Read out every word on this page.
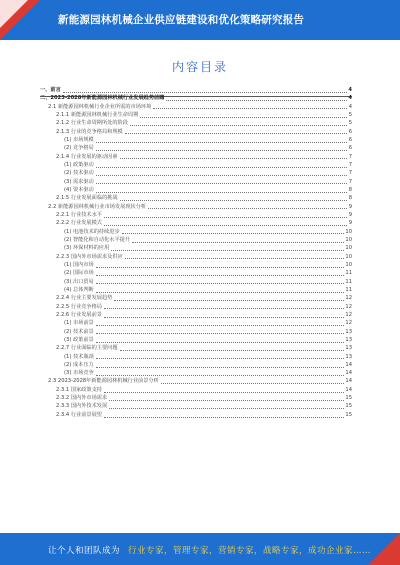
新能源园林机械企业供应链建设和优化策略研究报告
内容目录
一、前言	4
二、2023-2028年新能源园林机械行业发展趋势前瞻	4
2.1 新能源园林机械行业企业所需的市场环境	4
2.1.1 新能源园林机械行业生命周期	5
2.1.2 行业生命周期所处的阶段	5
2.1.3 行业的竞争格局和规模	6
(1) 市场规模	6
(2) 竞争格局	6
2.1.4 行业发展的驱动因素	7
(1) 政策驱动	7
(2) 技术驱动	7
(3) 需求驱动	7
(4) 资本驱动	8
2.1.5 行业发展面临的挑战	8
2.2 新能源园林机械行业市场发展现状分析	9
2.2.1 行业技术水平	9
2.2.2 行业发展模式	9
(1) 电池技术的持续进步	10
(2) 智能化和自动化水平提升	10
(3) 环保材料的应用	10
2.2.3 国内外市场需求及供应	10
(1) 国内市场	10
(2) 国际市场	11
(3) 出口贸易	11
(4) 总体判断	11
2.2.4 行业主要发展趋势	12
2.2.5 行业竞争格局	12
2.2.6 行业发展前景	12
(1) 市场前景	12
(2) 技术前景	13
(3) 政策前景	13
2.2.7 行业面临的主要问题	13
(1) 技术瓶颈	13
(2) 成本压力	14
(3) 市场竞争	14
2.3 2023-2028年新能源园林机械行业前景分析	14
2.3.1 国家政策支持	14
2.3.2 国内外市场需求	15
2.3.3 国内外技术发展	15
2.3.4 行业前景展望	15
让个人和团队成为 行业专家，管理专家，营销专家，战略专家，成功企业家……
